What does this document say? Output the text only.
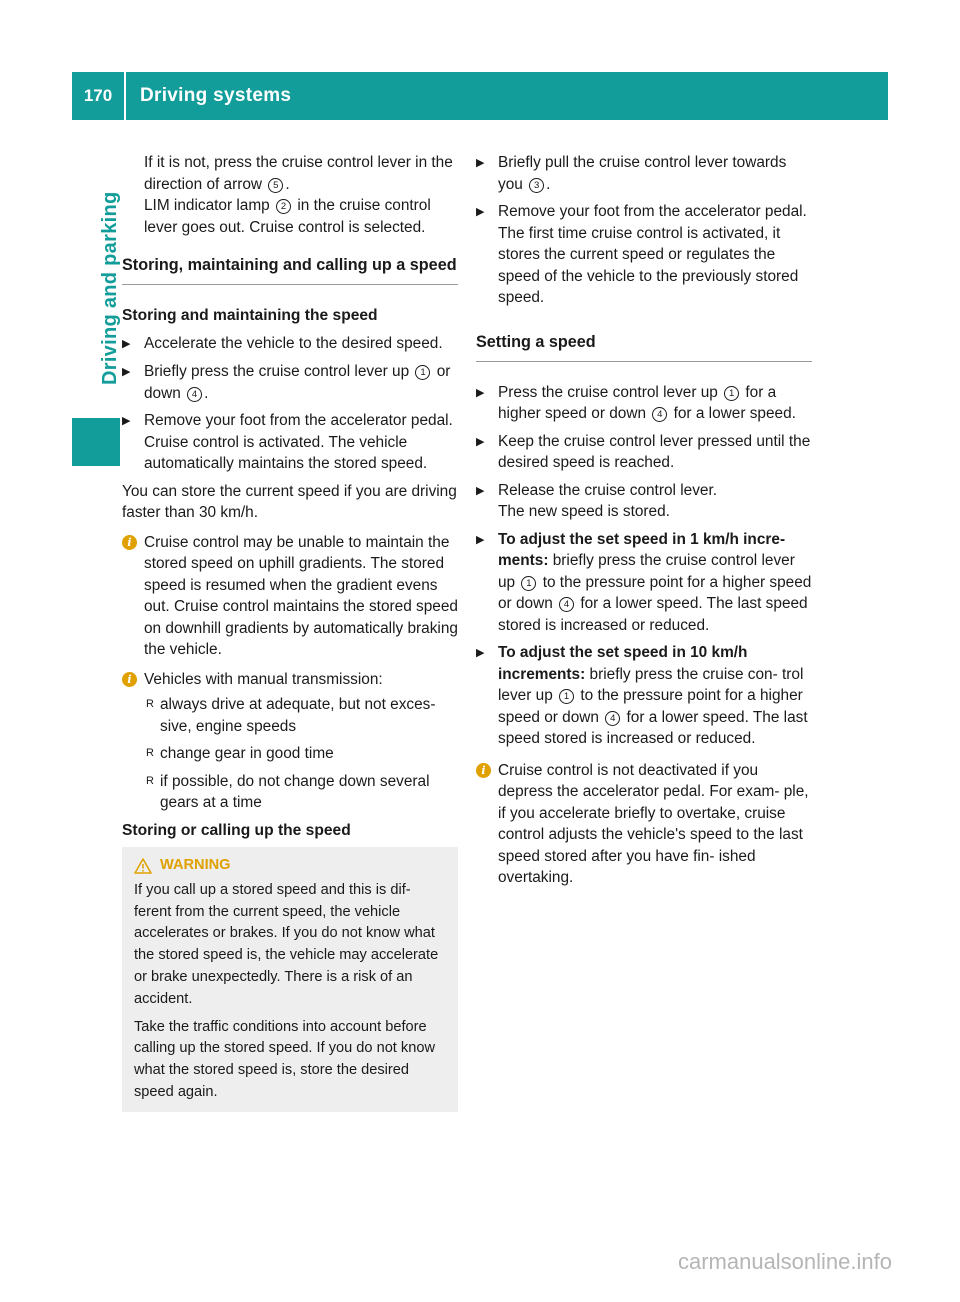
170	Driving systems
Driving and parking
If it is not, press the cruise control lever in the direction of arrow 5 .
LIM indicator lamp 2 in the cruise control lever goes out. Cruise control is selected.
Storing, maintaining and calling up a speed
Storing and maintaining the speed
▶ Accelerate the vehicle to the desired speed.
▶ Briefly press the cruise control lever up 1 or down 4 .
▶ Remove your foot from the accelerator pedal.
Cruise control is activated. The vehicle automatically maintains the stored speed.

You can store the current speed if you are driving faster than 30 km/h.

i Cruise control may be unable to maintain the stored speed on uphill gradients. The stored speed is resumed when the gradient evens out. Cruise control maintains the stored speed on downhill gradients by automatically braking the vehicle.
i Vehicles with manual transmission:
R always drive at adequate, but not exces- sive, engine speeds
R change gear in good time
R if possible, do not change down several gears at a time
Storing or calling up the speed
WARNING

If you call up a stored speed and this is dif- ferent from the current speed, the vehicle accelerates or brakes. If you do not know what the stored speed is, the vehicle may accelerate or brake unexpectedly. There is a risk of an accident.

Take the traffic conditions into account before calling up the stored speed. If you do not know what the stored speed is, store the desired speed again.

▶ Briefly pull the cruise control lever towards you 3 .
▶ Remove your foot from the accelerator pedal.
The first time cruise control is activated, it stores the current speed or regulates the speed of the vehicle to the previously stored speed.
Setting a speed
▶ Press the cruise control lever up 1 for a higher speed or down 4 for a lower speed.
▶ Keep the cruise control lever pressed until the desired speed is reached.
▶ Release the cruise control lever.
The new speed is stored.
▶ To adjust the set speed in 1 km/h incre- ments: briefly press the cruise control lever up 1 to the pressure point for a higher speed or down 4 for a lower speed. The last speed stored is increased or reduced.
▶ To adjust the set speed in 10 km/h increments: briefly press the cruise con- trol lever up 1 to the pressure point for a higher speed or down 4 for a lower speed. The last speed stored is increased or reduced.
i Cruise control is not deactivated if you depress the accelerator pedal. For exam- ple, if you accelerate briefly to overtake, cruise control adjusts the vehicle's speed to the last speed stored after you have fin- ished overtaking.
carmanualsonline.info
